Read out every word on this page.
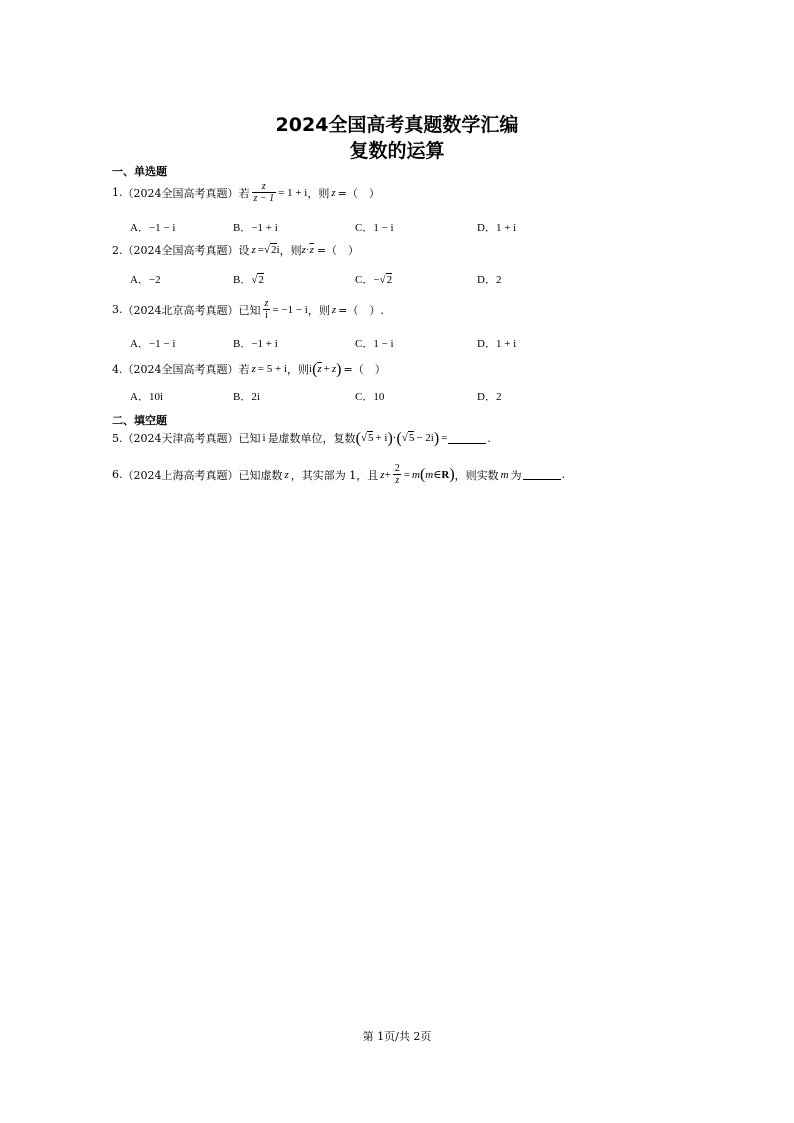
2024全国高考真题数学汇编
复数的运算
一、单选题
1. （2024全国高考真题） 若 $\frac{z}{z - 1} = 1 + i$ ，则 z =（　）
A．−1 − i	B．−1 + i	C．1 − i	D．1 + i
2. （2024全国高考真题） 设 z = √2 i ，则 $z \cdot \overline{z}$ =（　）
A．−2	B．√2	C．−√2	D．2
3. （2024北京高考真题） 已知 $\frac{z}{i} = -1 - i$ ，则 z =（　）.
A．−1 − i	B．−1 + i	C．1 − i	D．1 + i
4. （2024全国高考真题） 若 z = 5 + i ，则 i ( $\overline{z} + z$ ) =（　）
A．10i	B．2i	C．10	D．2
二、填空题
5. （2024天津高考真题） 已知 i 是虚数单位，复数 ( √5 + i ) · ( √5 − 2i ) =	.
6. （2024上海高考真题） 已知虚数 z ，其实部为 1，且 $z + \frac{2}{z} = m$ ( m ∈ R ) ，则实数 m 为	.
第 1页/共 2页
